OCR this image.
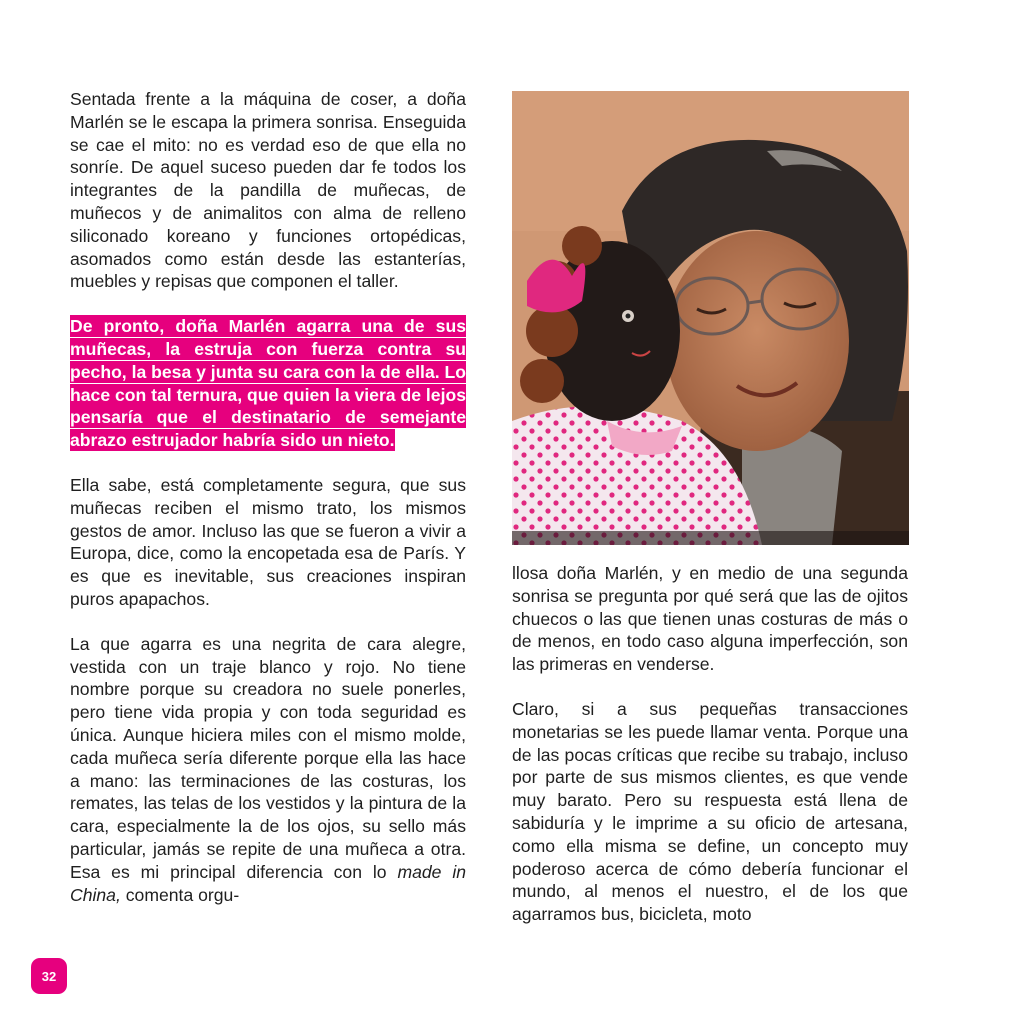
Sentada frente a la máquina de coser, a doña Marlén se le escapa la primera sonrisa. Enseguida se cae el mito: no es verdad eso de que ella no sonríe. De aquel suceso pueden dar fe todos los integrantes de la pandilla de muñecas, de muñecos y de animalitos con alma de relleno siliconado koreano y funciones ortopédicas, asomados como están desde las estanterías, muebles y repisas que componen el taller.

De pronto, doña Marlén agarra una de sus muñecas, la estruja con fuerza contra su pecho, la besa y junta su cara con la de ella. Lo hace con tal ternura, que quien la viera de lejos pensaría que el destinatario de semejante abrazo estrujador habría sido un nieto.

Ella sabe, está completamente segura, que sus muñecas reciben el mismo trato, los mismos gestos de amor. Incluso las que se fueron a vivir a Europa, dice, como la encopetada esa de París. Y es que es inevitable, sus creaciones inspiran puros apapachos.

La que agarra es una negrita de cara alegre, vestida con un traje blanco y rojo. No tiene nombre porque su creadora no suele ponerles, pero tiene vida propia y con toda seguridad es única. Aunque hiciera miles con el mismo molde, cada muñeca sería diferente porque ella las hace a mano: las terminaciones de las costuras, los remates, las telas de los vestidos y la pintura de la cara, especialmente la de los ojos, su sello más particular, jamás se repite de una muñeca a otra. Esa es mi principal diferencia con lo made in China, comenta orgu-

llosa doña Marlén, y en medio de una segunda sonrisa se pregunta por qué será que las de ojitos chuecos o las que tienen unas costuras de más o de menos, en todo caso alguna imperfección, son las primeras en venderse.

Claro, si a sus pequeñas transacciones monetarias se les puede llamar venta. Porque una de las pocas críticas que recibe su trabajo, incluso por parte de sus mismos clientes, es que vende muy barato. Pero su respuesta está llena de sabiduría y le imprime a su oficio de artesana, como ella misma se define, un concepto muy poderoso acerca de cómo debería funcionar el mundo, al menos el nuestro, el de los que agarramos bus, bicicleta, moto

32
